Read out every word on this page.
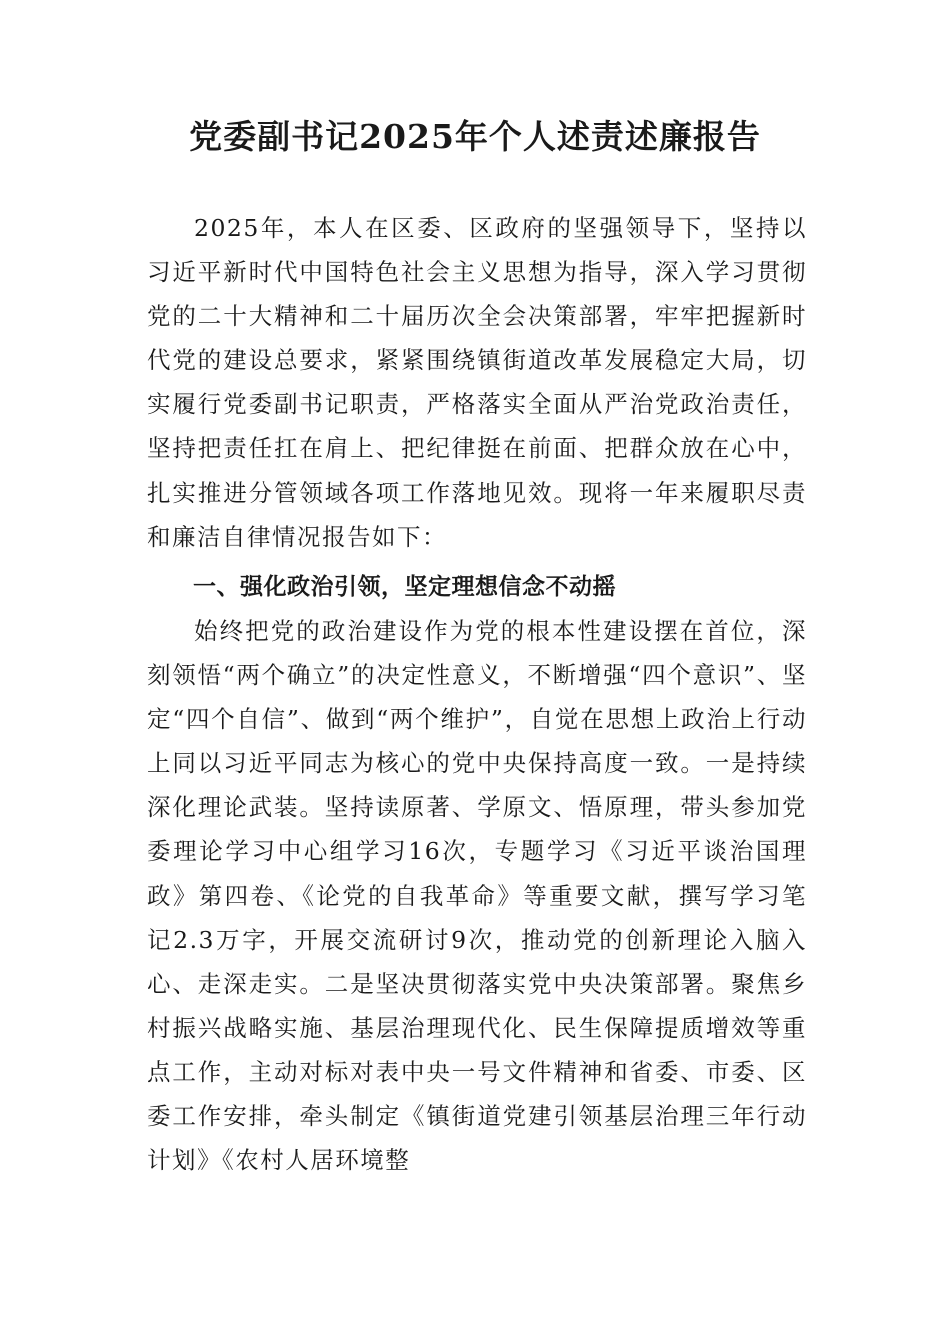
党委副书记2025年个人述责述廉报告

2025年，本人在区委、区政府的坚强领导下，坚持以习近平新时代中国特色社会主义思想为指导，深入学习贯彻党的二十大精神和二十届历次全会决策部署，牢牢把握新时代党的建设总要求，紧紧围绕镇街道改革发展稳定大局，切实履行党委副书记职责，严格落实全面从严治党政治责任，坚持把责任扛在肩上、把纪律挺在前面、把群众放在心中，扎实推进分管领域各项工作落地见效。现将一年来履职尽责和廉洁自律情况报告如下：

一、强化政治引领，坚定理想信念不动摇

始终把党的政治建设作为党的根本性建设摆在首位，深刻领悟“两个确立”的决定性意义，不断增强“四个意识”、坚定“四个自信”、做到“两个维护”，自觉在思想上政治上行动上同以习近平同志为核心的党中央保持高度一致。一是持续深化理论武装。坚持读原著、学原文、悟原理，带头参加党委理论学习中心组学习16次，专题学习《习近平谈治国理政》第四卷、《论党的自我革命》等重要文献，撰写学习笔记2.3万字，开展交流研讨9次，推动党的创新理论入脑入心、走深走实。二是坚决贯彻落实党中央决策部署。聚焦乡村振兴战略实施、基层治理现代化、民生保障提质增效等重点工作，主动对标对表中央一号文件精神和省委、市委、区委工作安排，牵头制定《镇街道党建引领基层治理三年行动计划》《农村人居环境整
